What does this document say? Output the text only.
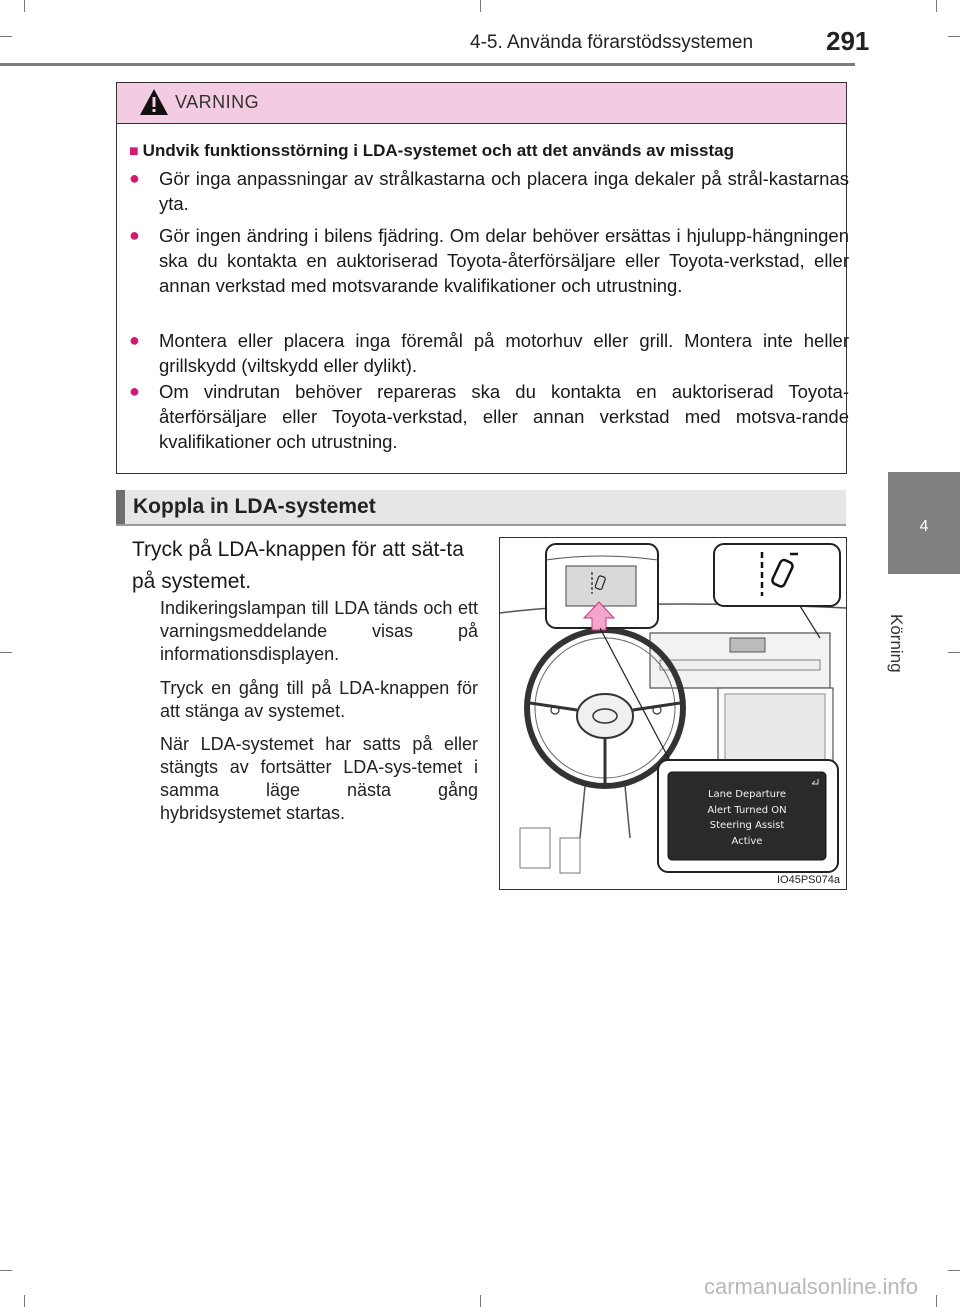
4-5. Använda förarstödssystemen	291
4
Körning
VARNING
■ Undvik funktionsstörning i LDA-systemet och att det används av misstag
● Gör inga anpassningar av strålkastarna och placera inga dekaler på strål-kastarnas yta.
● Gör ingen ändring i bilens fjädring. Om delar behöver ersättas i hjulupp-hängningen ska du kontakta en auktoriserad Toyota-återförsäljare eller Toyota-verkstad, eller annan verkstad med motsvarande kvalifikationer och utrustning.
● Montera eller placera inga föremål på motorhuv eller grill. Montera inte heller grillskydd (viltskydd eller dylikt).
● Om vindrutan behöver repareras ska du kontakta en auktoriserad Toyota-återförsäljare eller Toyota-verkstad, eller annan verkstad med motsva-rande kvalifikationer och utrustning.
Koppla in LDA-systemet
Tryck på LDA-knappen för att sät-ta på systemet.
Indikeringslampan till LDA tänds och ett varningsmeddelande visas på informationsdisplayen.
Tryck en gång till på LDA-knappen för att stänga av systemet.
När LDA-systemet har satts på eller stängts av fortsätter LDA-sys-temet i samma läge nästa gång hybridsystemet startas.
Lane Departure
Alert Turned ON
Steering Assist
Active
IO45PS074a
carmanualsonline.info
